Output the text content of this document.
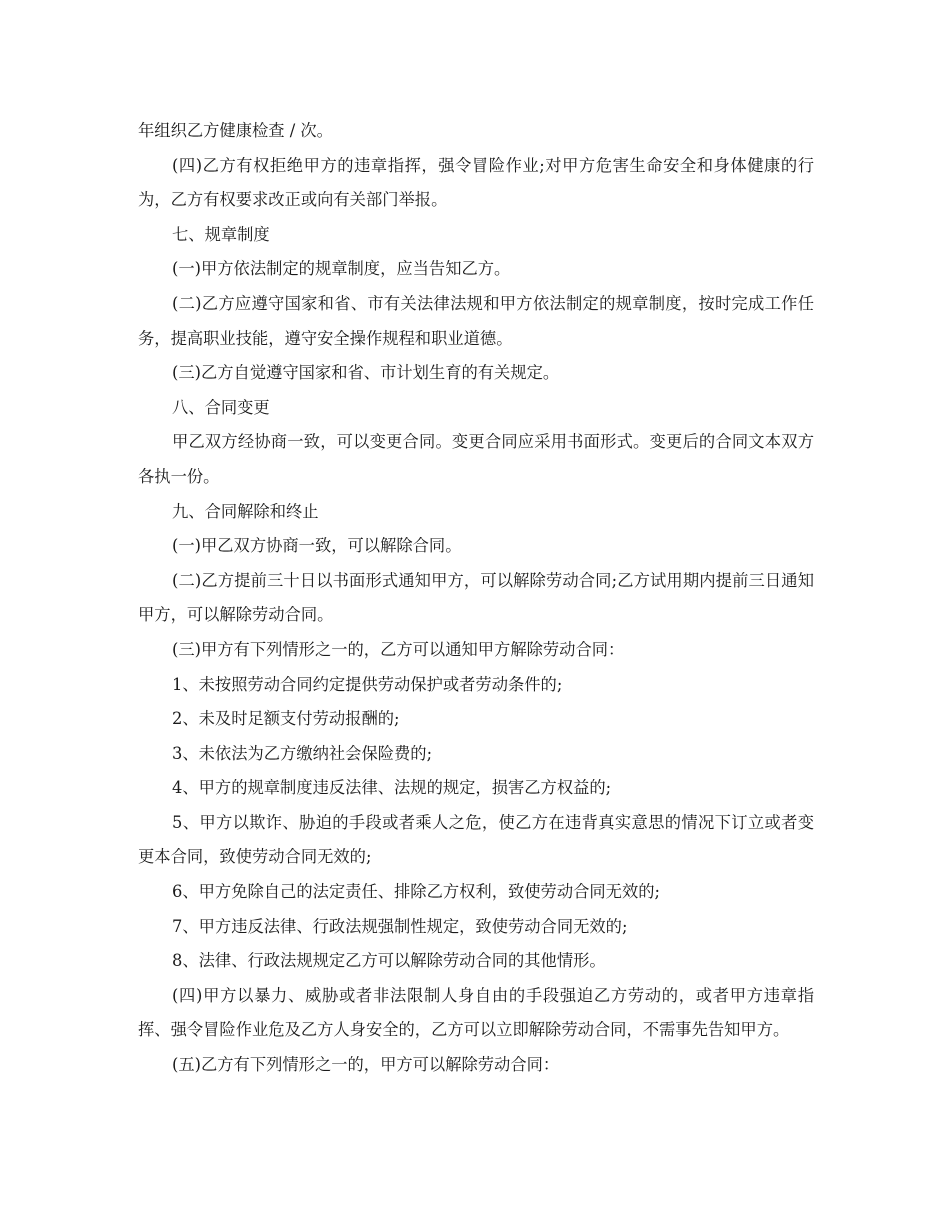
年组织乙方健康检查 / 次。

(四)乙方有权拒绝甲方的违章指挥，强令冒险作业;对甲方危害生命安全和身体健康的行为，乙方有权要求改正或向有关部门举报。

七、规章制度

(一)甲方依法制定的规章制度，应当告知乙方。

(二)乙方应遵守国家和省、市有关法律法规和甲方依法制定的规章制度，按时完成工作任务，提高职业技能，遵守安全操作规程和职业道德。

(三)乙方自觉遵守国家和省、市计划生育的有关规定。

八、合同变更

甲乙双方经协商一致，可以变更合同。变更合同应采用书面形式。变更后的合同文本双方各执一份。

九、合同解除和终止

(一)甲乙双方协商一致，可以解除合同。

(二)乙方提前三十日以书面形式通知甲方，可以解除劳动合同;乙方试用期内提前三日通知甲方，可以解除劳动合同。

(三)甲方有下列情形之一的，乙方可以通知甲方解除劳动合同：

1、未按照劳动合同约定提供劳动保护或者劳动条件的;

2、未及时足额支付劳动报酬的;

3、未依法为乙方缴纳社会保险费的;

4、甲方的规章制度违反法律、法规的规定，损害乙方权益的;

5、甲方以欺诈、胁迫的手段或者乘人之危，使乙方在违背真实意思的情况下订立或者变更本合同，致使劳动合同无效的;

6、甲方免除自己的法定责任、排除乙方权利，致使劳动合同无效的;

7、甲方违反法律、行政法规强制性规定，致使劳动合同无效的;

8、法律、行政法规规定乙方可以解除劳动合同的其他情形。

(四)甲方以暴力、威胁或者非法限制人身自由的手段强迫乙方劳动的，或者甲方违章指挥、强令冒险作业危及乙方人身安全的，乙方可以立即解除劳动合同，不需事先告知甲方。

(五)乙方有下列情形之一的，甲方可以解除劳动合同：
